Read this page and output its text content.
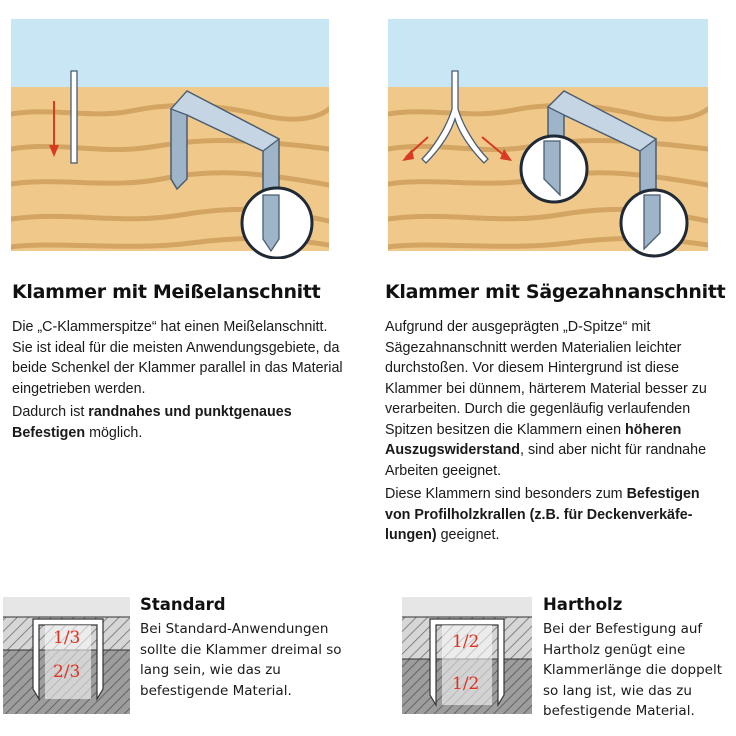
Klammer mit Meißelanschnitt

Die „C-Klammerspitze“ hat einen Meißelanschnitt. Sie ist ideal für die meisten Anwendungsgebiete, da beide Schenkel der Klammer parallel in das Material eingetrieben werden.

Dadurch ist randnahes und punktgenaues Befestigen möglich.

Klammer mit Sägezahnanschnitt

Aufgrund der ausgeprägten „D-Spitze“ mit Sägezahnanschnitt werden Materialien leichter durchstoßen. Vor diesem Hintergrund ist diese Klammer bei dünnem, härterem Material besser zu verarbeiten. Durch die gegenläufig verlaufenden Spitzen besitzen die Klammern einen höheren Auszugswiderstand, sind aber nicht für randnahe Arbeiten geeignet.

Diese Klammern sind besonders zum Befestigen von Profilholzkrallen (z.B. für Deckenverkäfelungen) geeignet.

1/3
2/3
Standard
Bei Standard-Anwendungen sollte die Klammer dreimal so lang sein, wie das zu befestigende Material.
1/2
1/2
Hartholz
Bei der Befestigung auf Hartholz genügt eine Klammerlänge die doppelt so lang ist, wie das zu befestigende Material.
